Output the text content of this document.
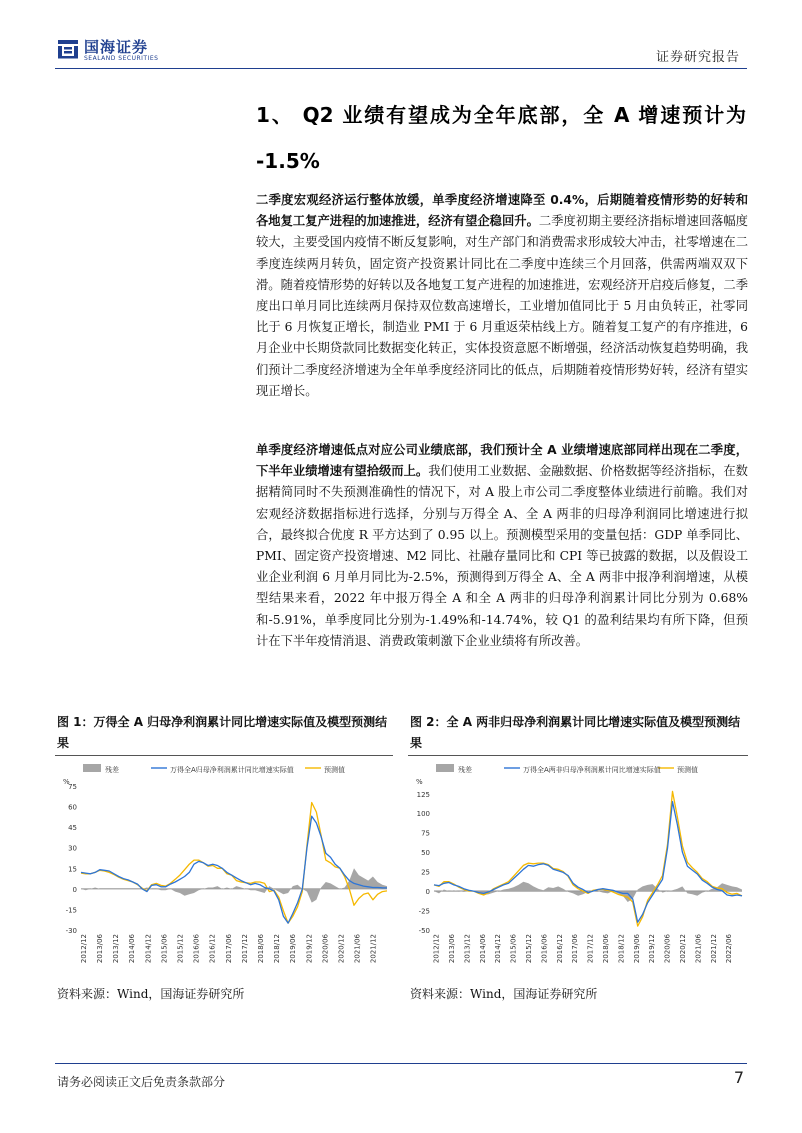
国海证券
SEALAND SECURITIES	证券研究报告
1、 Q2 业绩有望成为全年底部，全 A 增速预计为 -1.5%

二季度宏观经济运行整体放缓，单季度经济增速降至 0.4%，后期随着疫情形势的好转和各地复工复产进程的加速推进，经济有望企稳回升。二季度初期主要经济指标增速回落幅度较大，主要受国内疫情不断反复影响，对生产部门和消费需求形成较大冲击，社零增速在二季度连续两月转负，固定资产投资累计同比在二季度中连续三个月回落，供需两端双双下滑。随着疫情形势的好转以及各地复工复产进程的加速推进，宏观经济开启疫后修复，二季度出口单月同比连续两月保持双位数高速增长，工业增加值同比于 5 月由负转正，社零同比于 6 月恢复正增长，制造业 PMI 于 6 月重返荣枯线上方。随着复工复产的有序推进，6 月企业中长期贷款同比数据变化转正，实体投资意愿不断增强，经济活动恢复趋势明确，我们预计二季度经济增速为全年单季度经济同比的低点，后期随着疫情形势好转，经济有望实现正增长。

单季度经济增速低点对应公司业绩底部，我们预计全 A 业绩增速底部同样出现在二季度，下半年业绩增速有望拾级而上。我们使用工业数据、金融数据、价格数据等经济指标，在数据精简同时不失预测准确性的情况下，对 A 股上市公司二季度整体业绩进行前瞻。我们对宏观经济数据指标进行选择，分别与万得全 A、全 A 两非的归母净利润同比增速进行拟合，最终拟合优度 R 平方达到了 0.95 以上。预测模型采用的变量包括：GDP 单季同比、PMI、固定资产投资增速、M2 同比、社融存量同比和 CPI 等已披露的数据，以及假设工业企业利润 6 月单月同比为-2.5%，预测得到万得全 A、全 A 两非中报净利润增速，从模型结果来看，2022 年中报万得全 A 和全 A 两非的归母净利润累计同比分别为 0.68%和-5.91%，单季度同比分别为-1.49%和-14.74%，较 Q1 的盈利结果均有所下降，但预计在下半年疫情消退、消费政策刺激下企业业绩将有所改善。

图 1：万得全 A 归母净利润累计同比增速实际值及模型预测结果
图 2：全 A 两非归母净利润累计同比增速实际值及模型预测结果
残差	万得全A归母净利润累计同比增速实际值	预测值
%
-30
-15
0
15
30
45
60
75
2012/12 2013/06 2013/12 2014/06 2014/12 2015/06 2015/12 2016/06 2016/12 2017/06 2017/12 2018/06 2018/12 2019/06 2019/12 2020/06 2020/12 2021/06 2021/12
残差	万得全A两非归母净利润累计同比增速实际值 预测值
%
-50
-25
0
25
50
75
100
125
2012/12 2013/06 2013/12 2014/06 2014/12 2015/06 2015/12 2016/06 2016/12 2017/06 2017/12 2018/06 2018/12 2019/06 2019/12 2020/06 2020/12 2021/06 2021/12 2022/06
资料来源：Wind，国海证券研究所	资料来源：Wind，国海证券研究所
请务必阅读正文后免责条款部分	7
